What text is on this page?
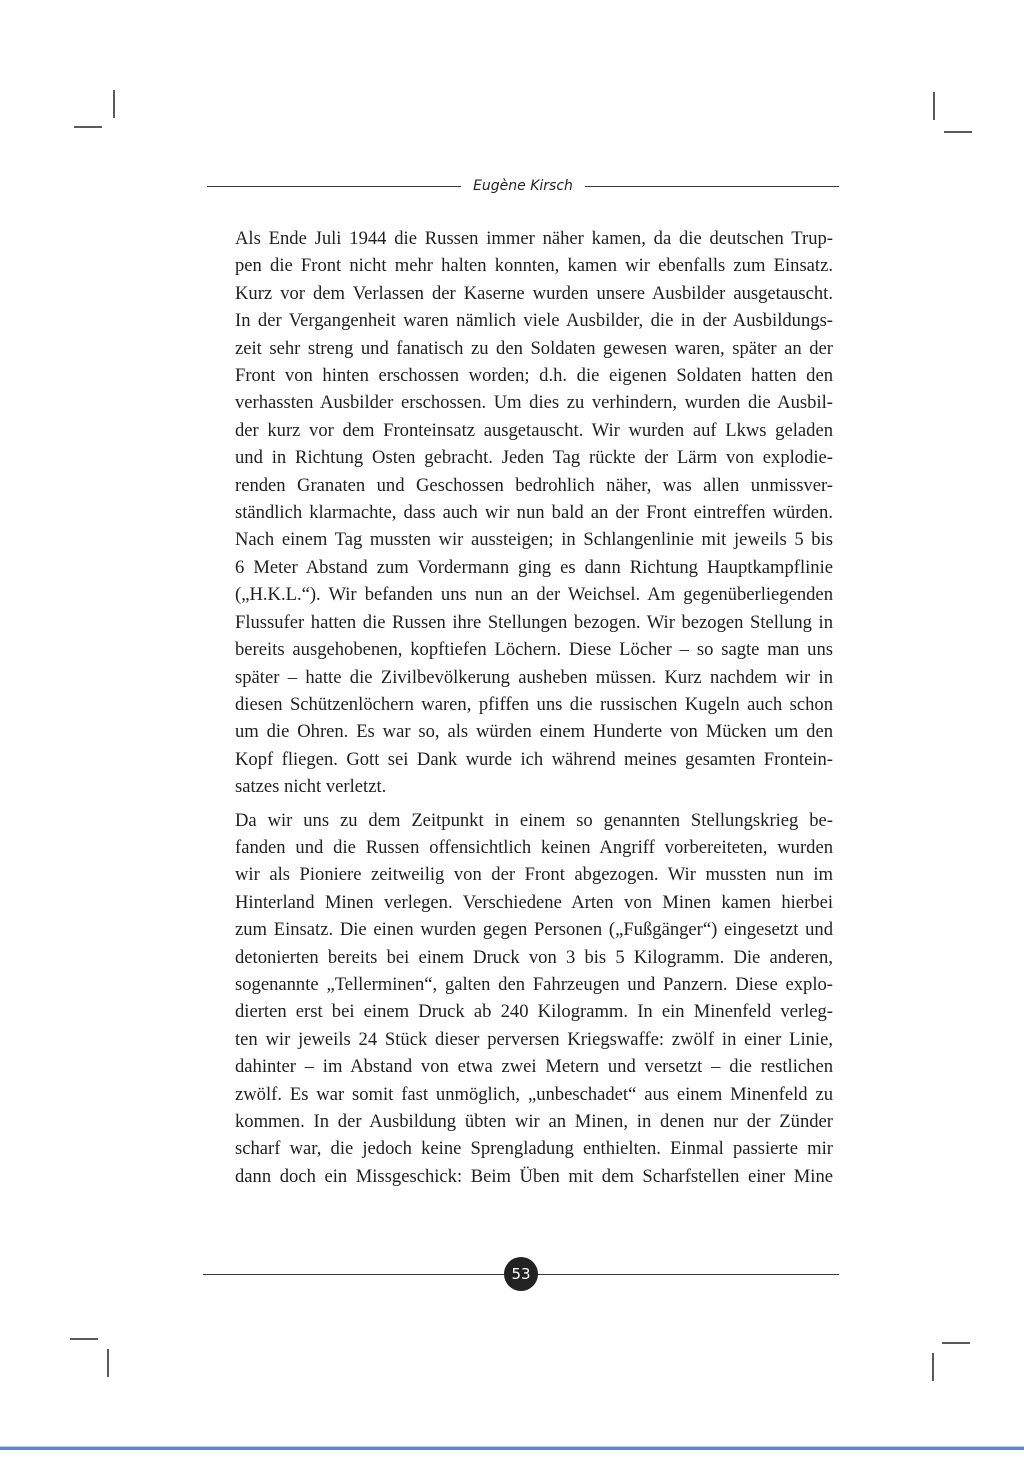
Eugène Kirsch

Als Ende Juli 1944 die Russen immer näher kamen, da die deutschen Trup-
pen die Front nicht mehr halten konnten, kamen wir ebenfalls zum Einsatz.
Kurz vor dem Verlassen der Kaserne wurden unsere Ausbilder ausgetauscht.
In der Vergangenheit waren nämlich viele Ausbilder, die in der Ausbildungs-
zeit sehr streng und fanatisch zu den Soldaten gewesen waren, später an der
Front von hinten erschossen worden; d.h. die eigenen Soldaten hatten den
verhassten Ausbilder erschossen. Um dies zu verhindern, wurden die Ausbil-
der kurz vor dem Fronteinsatz ausgetauscht. Wir wurden auf Lkws geladen
und in Richtung Osten gebracht. Jeden Tag rückte der Lärm von explodie-
renden Granaten und Geschossen bedrohlich näher, was allen unmissver-
ständlich klarmachte, dass auch wir nun bald an der Front eintreffen würden.
Nach einem Tag mussten wir aussteigen; in Schlangenlinie mit jeweils 5 bis
6 Meter Abstand zum Vordermann ging es dann Richtung Hauptkampflinie
(„H.K.L.“). Wir befanden uns nun an der Weichsel. Am gegenüberliegenden
Flussufer hatten die Russen ihre Stellungen bezogen. Wir bezogen Stellung in
bereits ausgehobenen, kopftiefen Löchern. Diese Löcher – so sagte man uns
später – hatte die Zivilbevölkerung ausheben müssen. Kurz nachdem wir in
diesen Schützenlöchern waren, pfiffen uns die russischen Kugeln auch schon
um die Ohren. Es war so, als würden einem Hunderte von Mücken um den
Kopf fliegen. Gott sei Dank wurde ich während meines gesamten Frontein-
satzes nicht verletzt.

Da wir uns zu dem Zeitpunkt in einem so genannten Stellungskrieg be-
fanden und die Russen offensichtlich keinen Angriff vorbereiteten, wurden
wir als Pioniere zeitweilig von der Front abgezogen. Wir mussten nun im
Hinterland Minen verlegen. Verschiedene Arten von Minen kamen hierbei
zum Einsatz. Die einen wurden gegen Personen („Fußgänger“) eingesetzt und
detonierten bereits bei einem Druck von 3 bis 5 Kilogramm. Die anderen,
sogenannte „Tellerminen“, galten den Fahrzeugen und Panzern. Diese explo-
dierten erst bei einem Druck ab 240 Kilogramm. In ein Minenfeld verleg-
ten wir jeweils 24 Stück dieser perversen Kriegswaffe: zwölf in einer Linie,
dahinter – im Abstand von etwa zwei Metern und versetzt – die restlichen
zwölf. Es war somit fast unmöglich, „unbeschadet“ aus einem Minenfeld zu
kommen. In der Ausbildung übten wir an Minen, in denen nur der Zünder
scharf war, die jedoch keine Sprengladung enthielten. Einmal passierte mir
dann doch ein Missgeschick: Beim Üben mit dem Scharfstellen einer Mine

53
